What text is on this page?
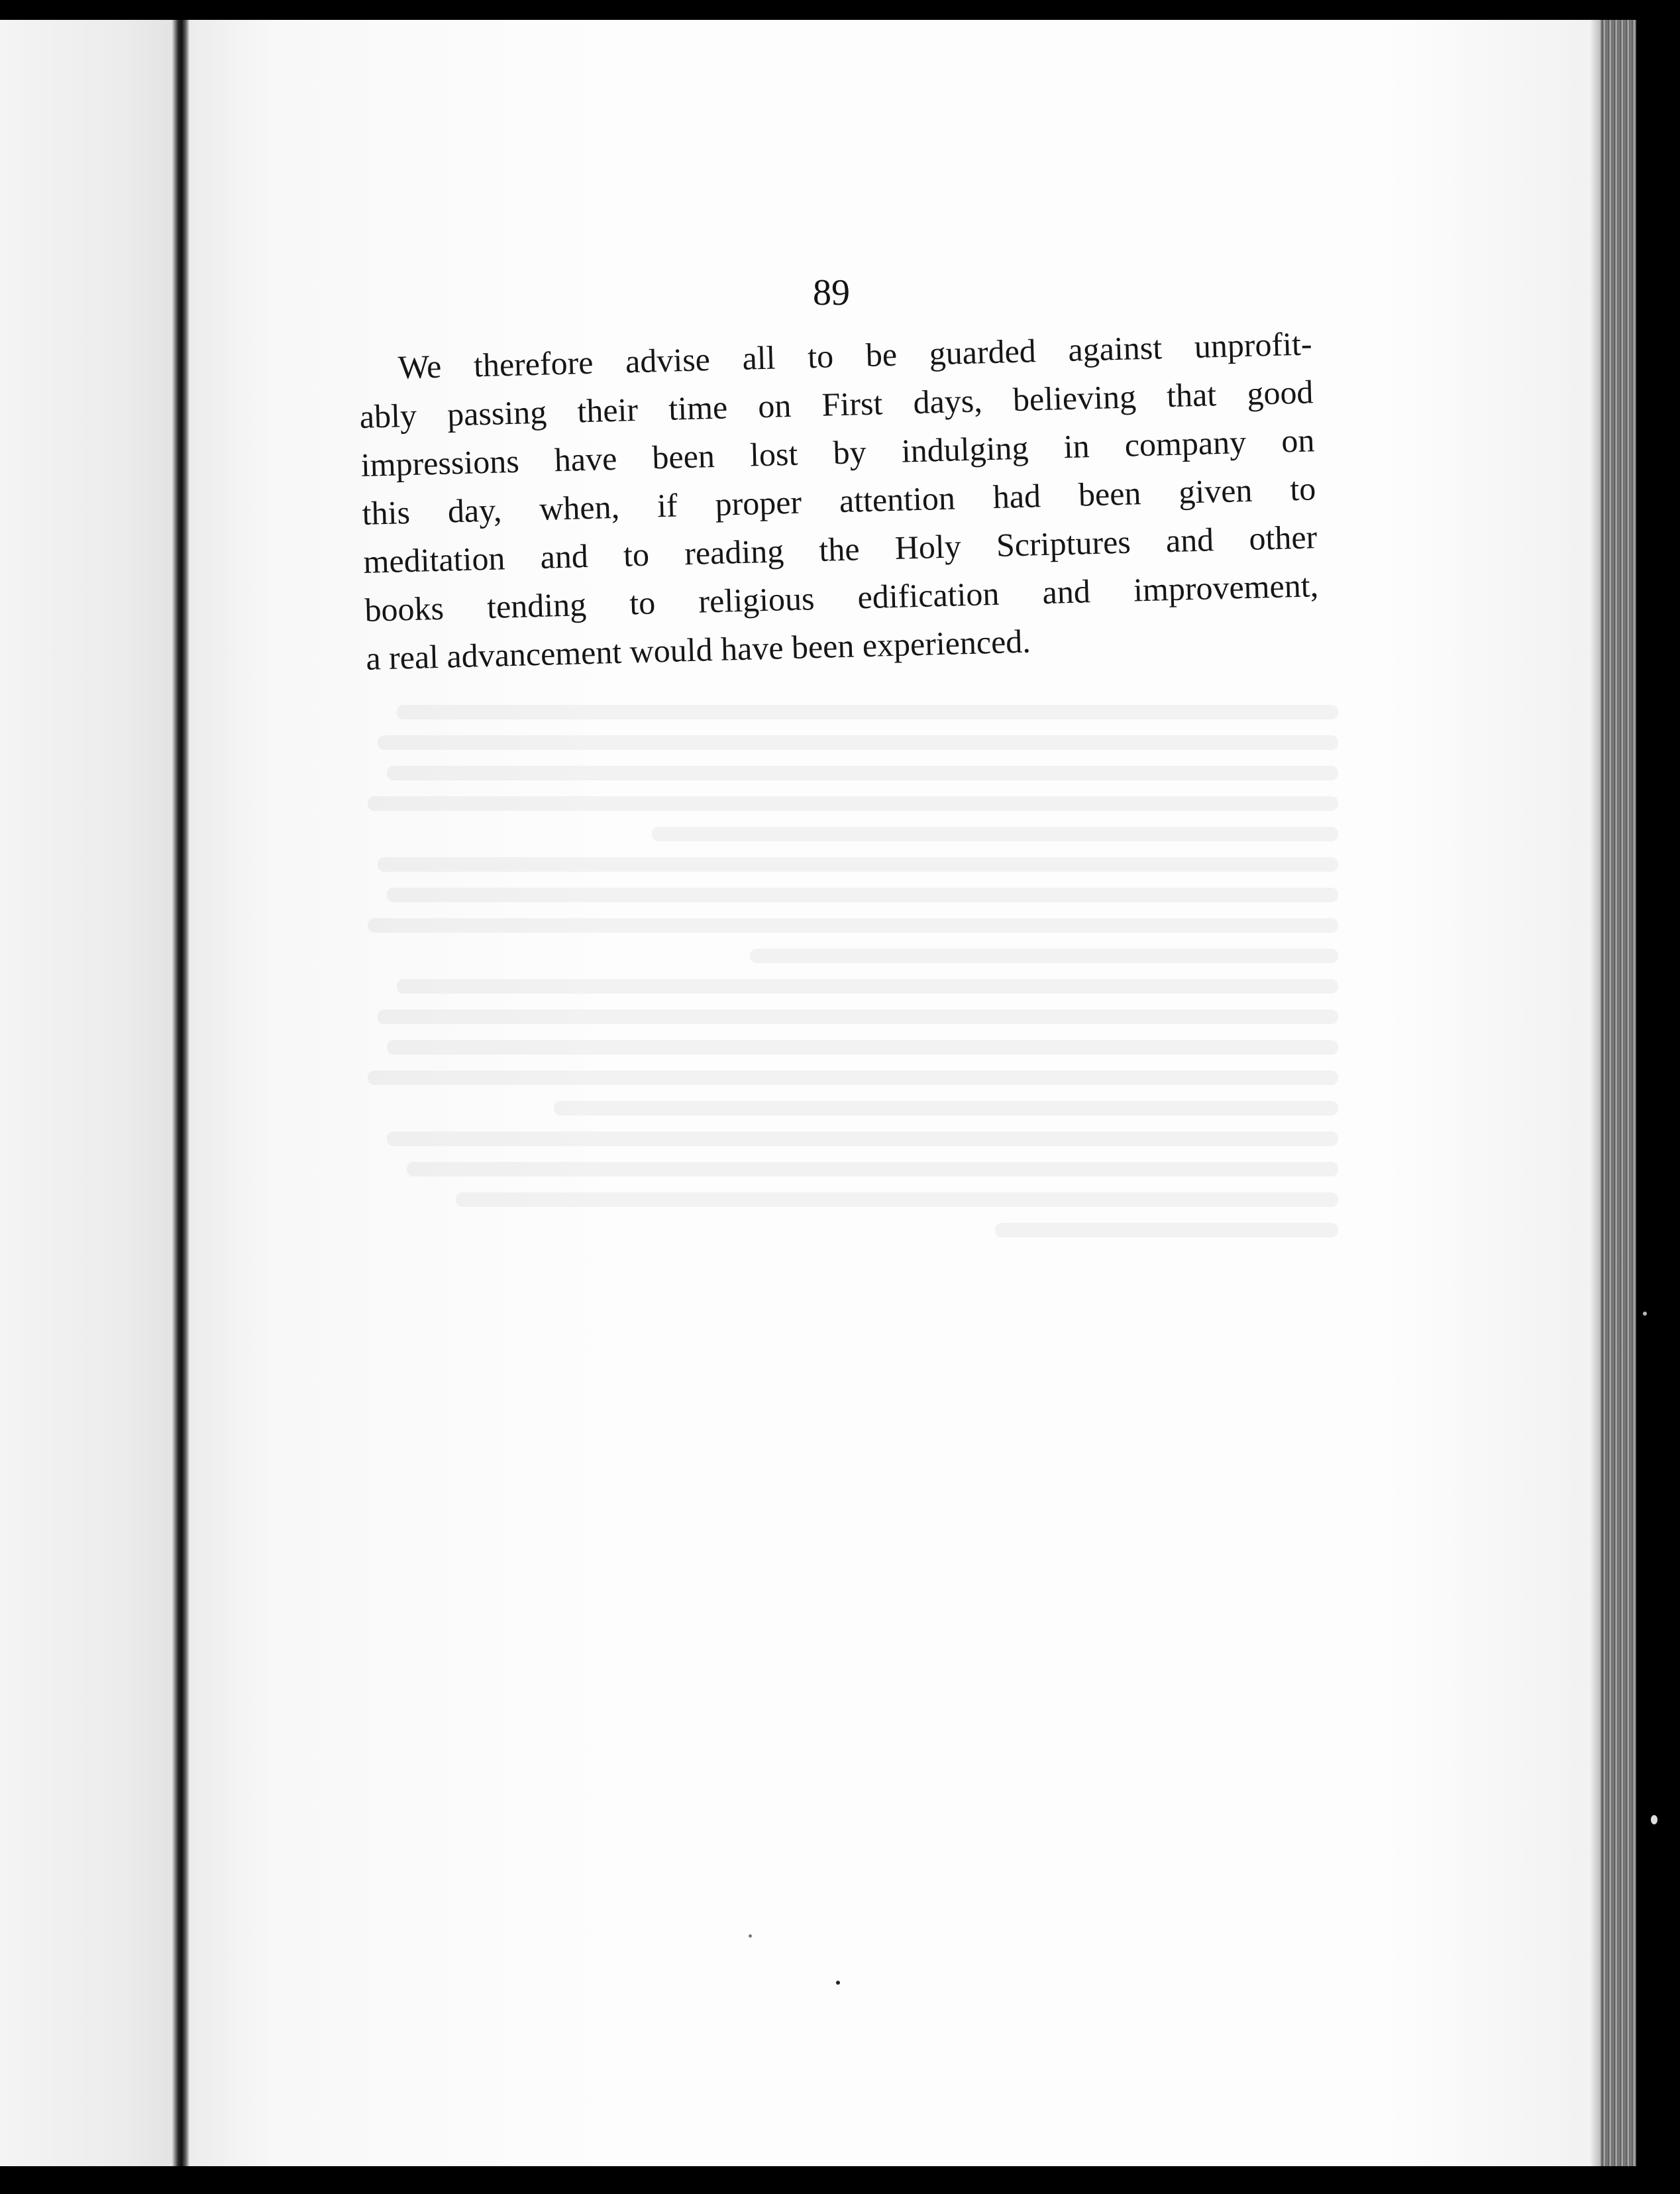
89
We therefore advise all to be guarded against unprofit-
ably passing their time on First days, believing that good
impressions have been lost by indulging in company on
this day, when, if proper attention had been given to
meditation and to reading the Holy Scriptures and other
books tending to religious edification and improvement,
a real advancement would have been experienced.
